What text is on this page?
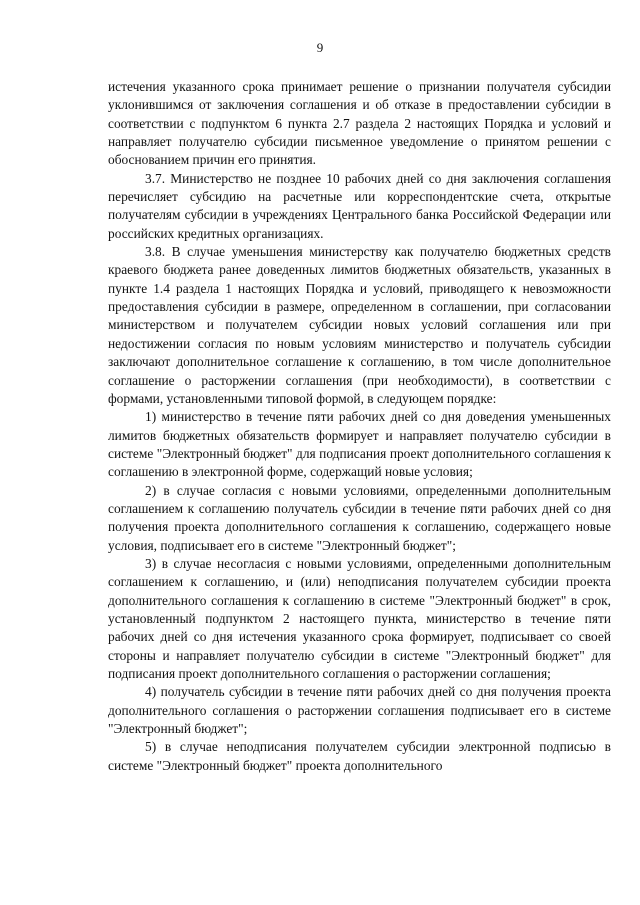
9

истечения указанного срока принимает решение о признании получателя субсидии уклонившимся от заключения соглашения и об отказе в предоставлении субсидии в соответствии с подпунктом 6 пункта 2.7 раздела 2 настоящих Порядка и условий и направляет получателю субсидии письменное уведомление о принятом решении с обоснованием причин его принятия.

3.7. Министерство не позднее 10 рабочих дней со дня заключения соглашения перечисляет субсидию на расчетные или корреспондентские счета, открытые получателям субсидии в учреждениях Центрального банка Российской Федерации или российских кредитных организациях.

3.8. В случае уменьшения министерству как получателю бюджетных средств краевого бюджета ранее доведенных лимитов бюджетных обязательств, указанных в пункте 1.4 раздела 1 настоящих Порядка и условий, приводящего к невозможности предоставления субсидии в размере, определенном в соглашении, при согласовании министерством и получателем субсидии новых условий соглашения или при недостижении согласия по новым условиям министерство и получатель субсидии заключают дополнительное соглашение к соглашению, в том числе дополнительное соглашение о расторжении соглашения (при необходимости), в соответствии с формами, установленными типовой формой, в следующем порядке:

1) министерство в течение пяти рабочих дней со дня доведения уменьшенных лимитов бюджетных обязательств формирует и направляет получателю субсидии в системе "Электронный бюджет" для подписания проект дополнительного соглашения к соглашению в электронной форме, содержащий новые условия;

2) в случае согласия с новыми условиями, определенными дополнительным соглашением к соглашению получатель субсидии в течение пяти рабочих дней со дня получения проекта дополнительного соглашения к соглашению, содержащего новые условия, подписывает его в системе "Электронный бюджет";

3) в случае несогласия с новыми условиями, определенными дополнительным соглашением к соглашению, и (или) неподписания получателем субсидии проекта дополнительного соглашения к соглашению в системе "Электронный бюджет" в срок, установленный подпунктом 2 настоящего пункта, министерство в течение пяти рабочих дней со дня истечения указанного срока формирует, подписывает со своей стороны и направляет получателю субсидии в системе "Электронный бюджет" для подписания проект дополнительного соглашения о расторжении соглашения;

4) получатель субсидии в течение пяти рабочих дней со дня получения проекта дополнительного соглашения о расторжении соглашения подписывает его в системе "Электронный бюджет";

5) в случае неподписания получателем субсидии электронной подписью в системе "Электронный бюджет" проекта дополнительного
